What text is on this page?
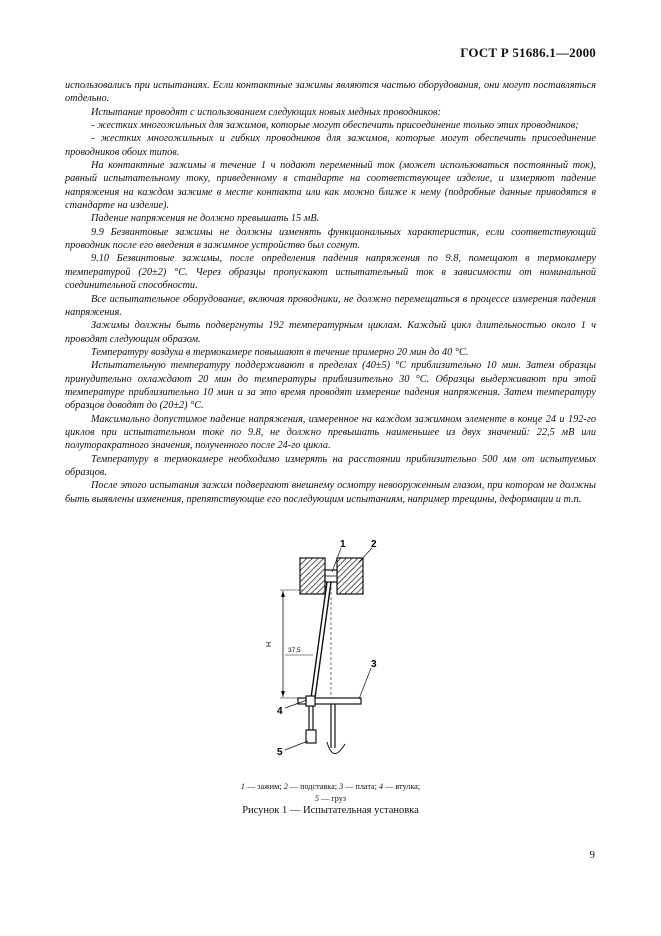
ГОСТ Р 51686.1—2000

использовались при испытаниях. Если контактные зажимы являются частью оборудования, они могут поставляться отдельно.

Испытание проводят с использованием следующих новых медных проводников:

- жестких многожильных для зажимов, которые могут обеспечить присоединение только этих проводников;

- жестких многожильных и гибких проводников для зажимов, которые могут обеспечить присоединение проводников обоих типов.

На контактные зажимы в течение 1 ч подают переменный ток (может использоваться постоянный ток), равный испытательному току, приведенному в стандарте на соответствующее изделие, и измеряют падение напряжения на каждом зажиме в месте контакта или как можно ближе к нему (подробные данные приводятся в стандарте на изделие).

Падение напряжения не должно превышать 15 мВ.

9.9 Безвинтовые зажимы не должны изменять функциональных характеристик, если соответствующий проводник после его введения в зажимное устройство был согнут.

9.10 Безвинтовые зажимы, после определения падения напряжения по 9.8, помещают в термокамеру температурой (20±2) °С. Через образцы пропускают испытательный ток в зависимости от номинальной соединительной способности.

Все испытательное оборудование, включая проводники, не должно перемещаться в процессе измерения падения напряжения.

Зажимы должны быть подвергнуты 192 температурным циклам. Каждый цикл длительностью около 1 ч проводят следующим образом.

Температуру воздуха в термокамере повышают в течение примерно 20 мин до 40 °С.

Испытательную температуру поддерживают в пределах (40±5) °С приблизительно 10 мин. Затем образцы принудительно охлаждают 20 мин до температуры приблизительно 30 °С. Образцы выдерживают при этой температуре приблизительно 10 мин и за это время проводят измерение падения напряжения. Затем температуру образцов доводят до (20±2) °С.

Максимально допустимое падение напряжения, измеренное на каждом зажимном элементе в конце 24 и 192-го циклов при испытательном токе по 9.8, не должно превышать наименьшее из двух значений: 22,5 мВ или полуторакратного значения, полученного после 24-го цикла.

Температуру в термокамере необходимо измерять на расстоянии приблизительно 500 мм от испытуемых образцов.

После этого испытания зажим подвергают внешнему осмотру невооруженным глазом, при котором не должны быть выявлены изменения, препятствующие его последующим испытаниям, например трещины, деформации и т.п.

H
37,5
1	2
3
4
5
1 — зажим; 2 — подставка; 3 — плата; 4 — втулка;
5 — груз
Рисунок 1 — Испытательная установка
9
